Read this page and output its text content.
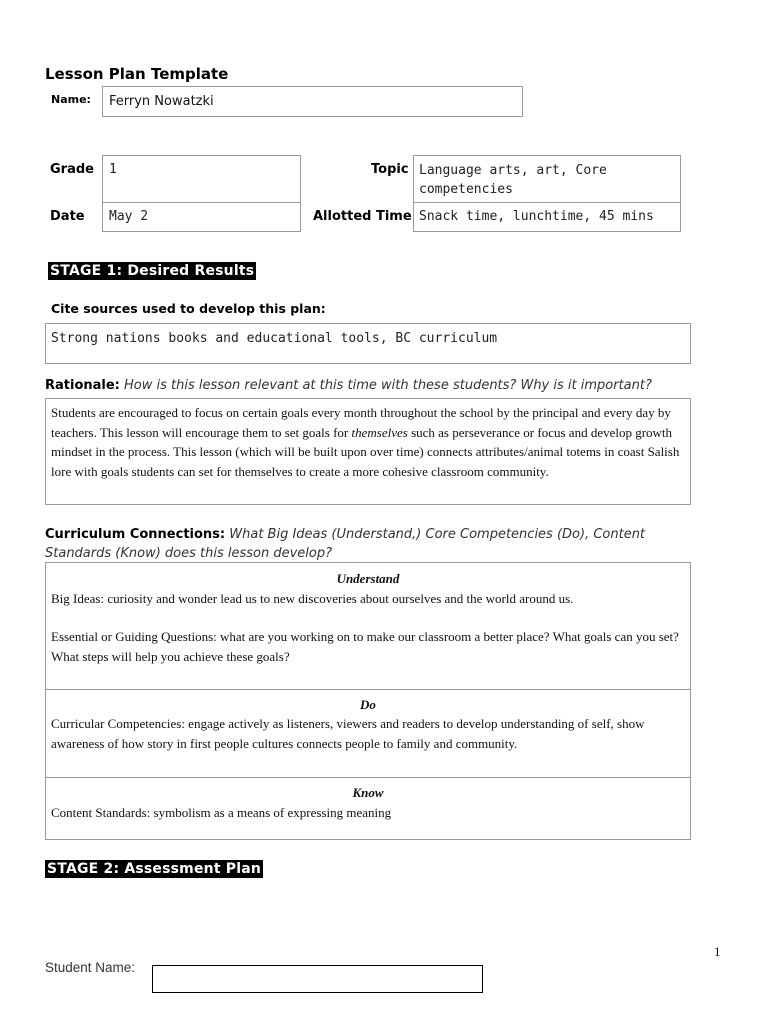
Lesson Plan Template
Name: Ferryn Nowatzki
Grade 1	Topic Language arts, art, Core competencies
Date May 2	Allotted Time Snack time, lunchtime, 45 mins
STAGE 1: Desired Results
Cite sources used to develop this plan:
Strong nations books and educational tools, BC curriculum
Rationale: How is this lesson relevant at this time with these students? Why is it important?
Students are encouraged to focus on certain goals every month throughout the school by the principal and every day by teachers. This lesson will encourage them to set goals for themselves such as perseverance or focus and develop growth mindset in the process. This lesson (which will be built upon over time) connects attributes/animal totems in coast Salish lore with goals students can set for themselves to create a more cohesive classroom community.
Curriculum Connections: What Big Ideas (Understand,) Core Competencies (Do), Content Standards (Know) does this lesson develop?
Understand
Big Ideas: curiosity and wonder lead us to new discoveries about ourselves and the world around us.
Essential or Guiding Questions: what are you working on to make our classroom a better place? What goals can you set? What steps will help you achieve these goals?
Do
Curricular Competencies: engage actively as listeners, viewers and readers to develop understanding of self, show awareness of how story in first people cultures connects people to family and community.
Know
Content Standards: symbolism as a means of expressing meaning
STAGE 2: Assessment Plan
1
Student Name:
